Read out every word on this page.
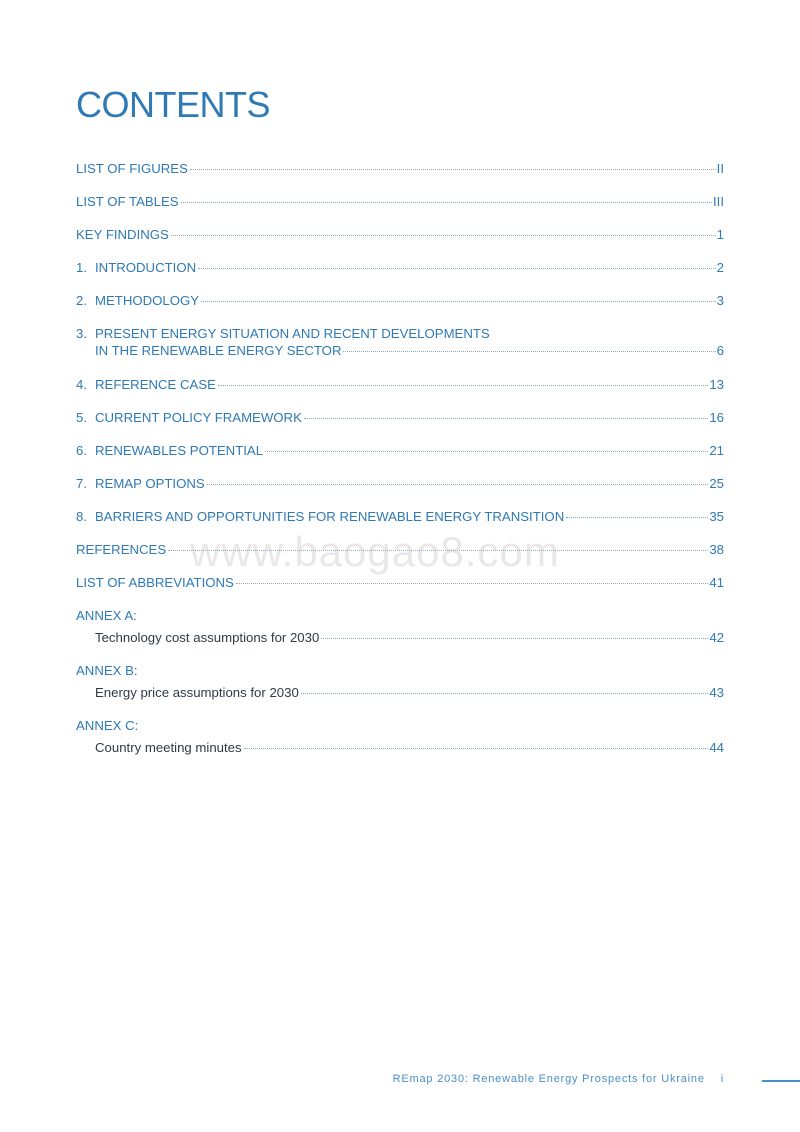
CONTENTS
LIST OF FIGURES	II
LIST OF TABLES	III
KEY FINDINGS	1
1. INTRODUCTION	2
2. METHODOLOGY	3
3. PRESENT ENERGY SITUATION AND RECENT DEVELOPMENTS
IN THE RENEWABLE ENERGY SECTOR	6
4. REFERENCE CASE	13
5. CURRENT POLICY FRAMEWORK	16
6. RENEWABLES POTENTIAL	21
7. REMAP OPTIONS	25
8. BARRIERS AND OPPORTUNITIES FOR RENEWABLE ENERGY TRANSITION	35
REFERENCES	38
LIST OF ABBREVIATIONS	41
ANNEX A:
Technology cost assumptions for 2030	42
ANNEX B:
Energy price assumptions for 2030	43
ANNEX C:
Country meeting minutes	44
www.baogao8.com
REmap 2030: Renewable Energy Prospects for Ukraine i
